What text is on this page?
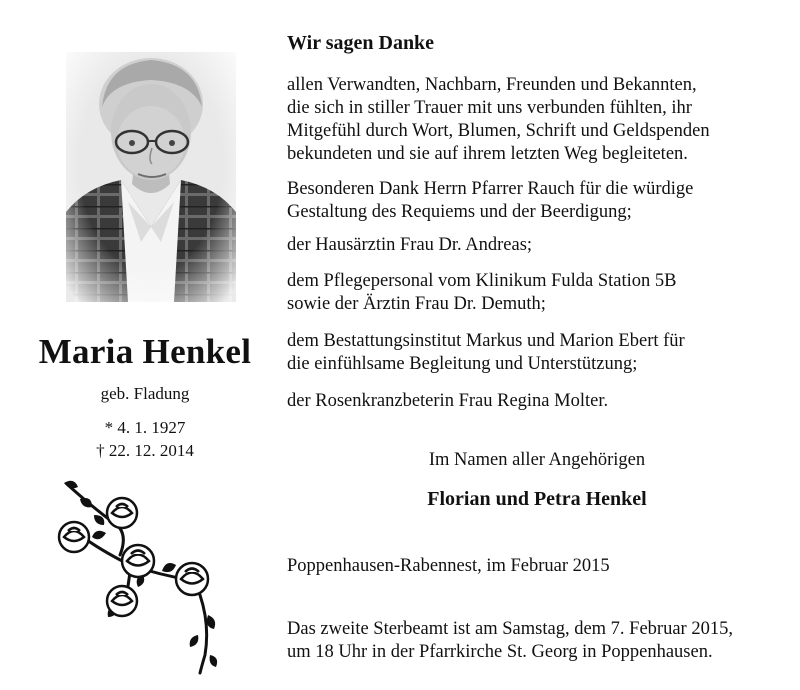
Maria Henkel
geb. Fladung
* 4. 1. 1927
† 22. 12. 2014
Wir sagen Danke
allen Verwandten, Nachbarn, Freunden und Bekannten,
die sich in stiller Trauer mit uns verbunden fühlten, ihr
Mitgefühl durch Wort, Blumen, Schrift und Geldspenden
bekundeten und sie auf ihrem letzten Weg begleiteten.
Besonderen Dank Herrn Pfarrer Rauch für die würdige
Gestaltung des Requiems und der Beerdigung;
der Hausärztin Frau Dr. Andreas;
dem Pflegepersonal vom Klinikum Fulda Station 5B
sowie der Ärztin Frau Dr. Demuth;
dem Bestattungsinstitut Markus und Marion Ebert für
die einfühlsame Begleitung und Unterstützung;
der Rosenkranzbeterin Frau Regina Molter.
Im Namen aller Angehörigen
Florian und Petra Henkel
Poppenhausen-Rabennest, im Februar 2015
Das zweite Sterbeamt ist am Samstag, dem 7. Februar 2015,
um 18 Uhr in der Pfarrkirche St. Georg in Poppenhausen.
